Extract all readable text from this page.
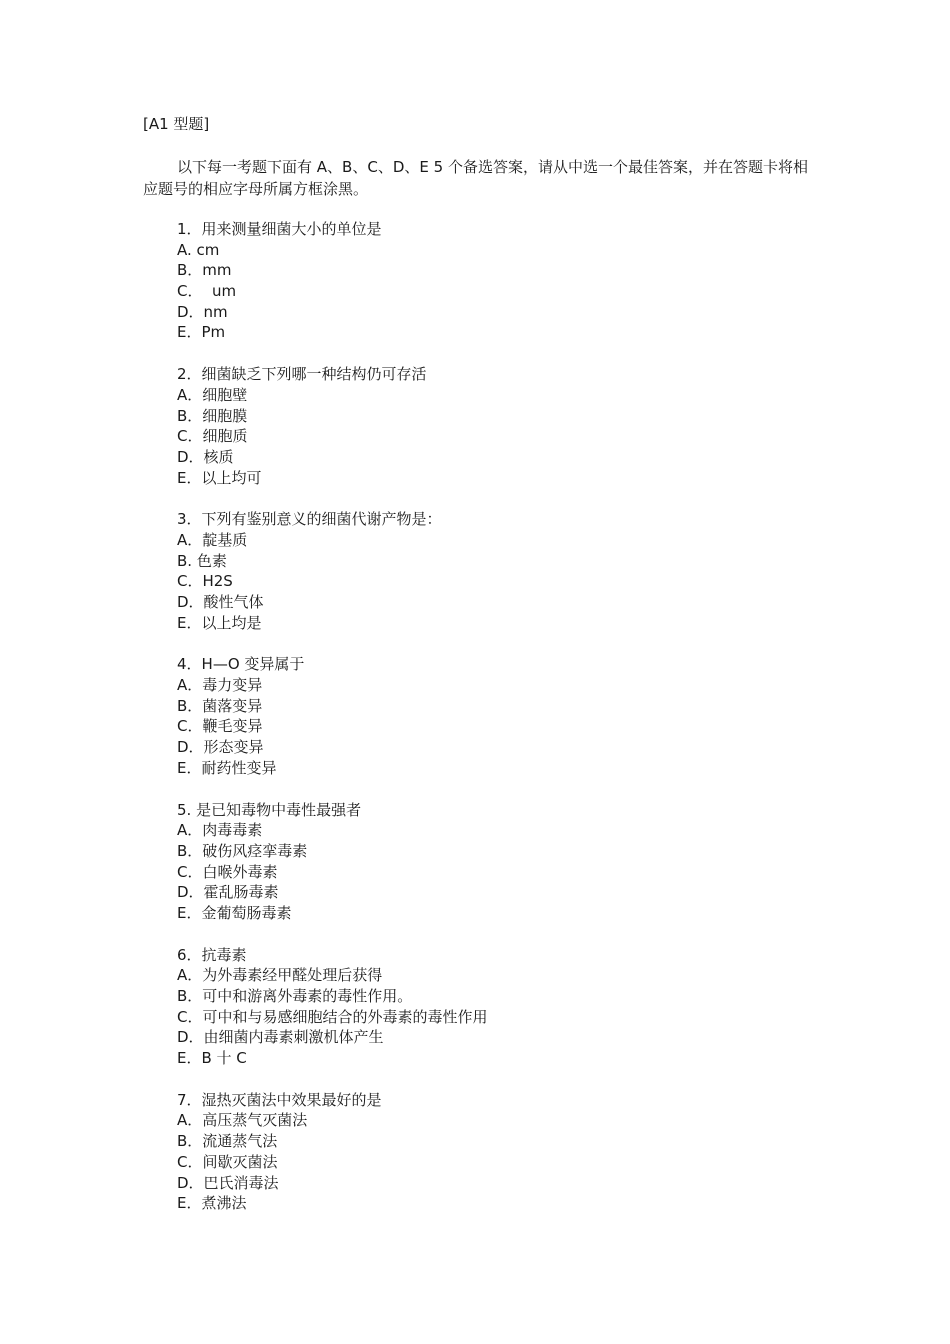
[A1 型题]
以下每一考题下面有 A、B、C、D、E 5 个备选答案，请从中选一个最佳答案，并在答题卡将相应题号的相应字母所属方框涂黑。
1．用来测量细菌大小的单位是
A. cm
B．mm
C．  um
D．nm
E．Pm
2．细菌缺乏下列哪一种结构仍可存活
A．细胞壁
B．细胞膜
C．细胞质
D．核质
E．以上均可
3．下列有鉴别意义的细菌代谢产物是：
A．靛基质
B. 色素
C．H2S
D．酸性气体
E．以上均是
4．H—O 变异属于
A．毒力变异
B．菌落变异
C．鞭毛变异
D．形态变异
E．耐药性变异
5. 是已知毒物中毒性最强者
A．肉毒毒素
B．破伤风痉挛毒素
C．白喉外毒素
D．霍乱肠毒素
E．金葡萄肠毒素
6．抗毒素
A．为外毒素经甲醛处理后获得
B．可中和游离外毒素的毒性作用。
C．可中和与易感细胞结合的外毒素的毒性作用
D．由细菌内毒素刺激机体产生
E．B 十 C
7．湿热灭菌法中效果最好的是
A．高压蒸气灭菌法
B．流通蒸气法
C．间歇灭菌法
D．巴氏消毒法
E．煮沸法
